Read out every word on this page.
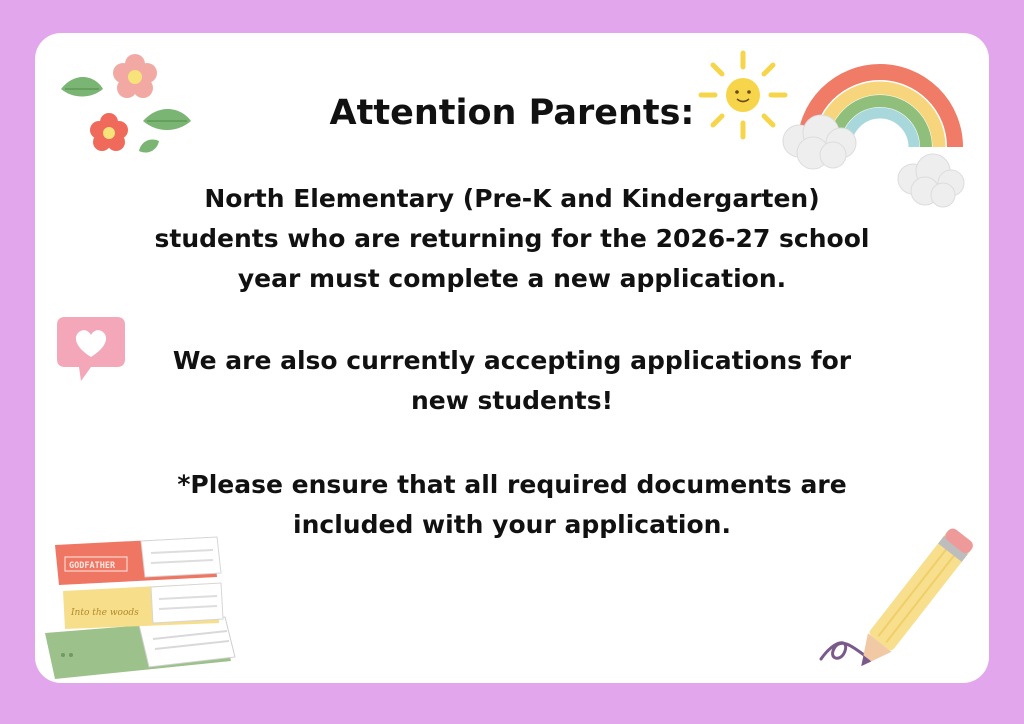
Into the woods
GODFATHER
Attention Parents:

North Elementary (Pre-K and Kindergarten) students who are returning for the 2026-27 school year must complete a new application.

We are also currently accepting applications for new students!

*Please ensure that all required documents are included with your application.
